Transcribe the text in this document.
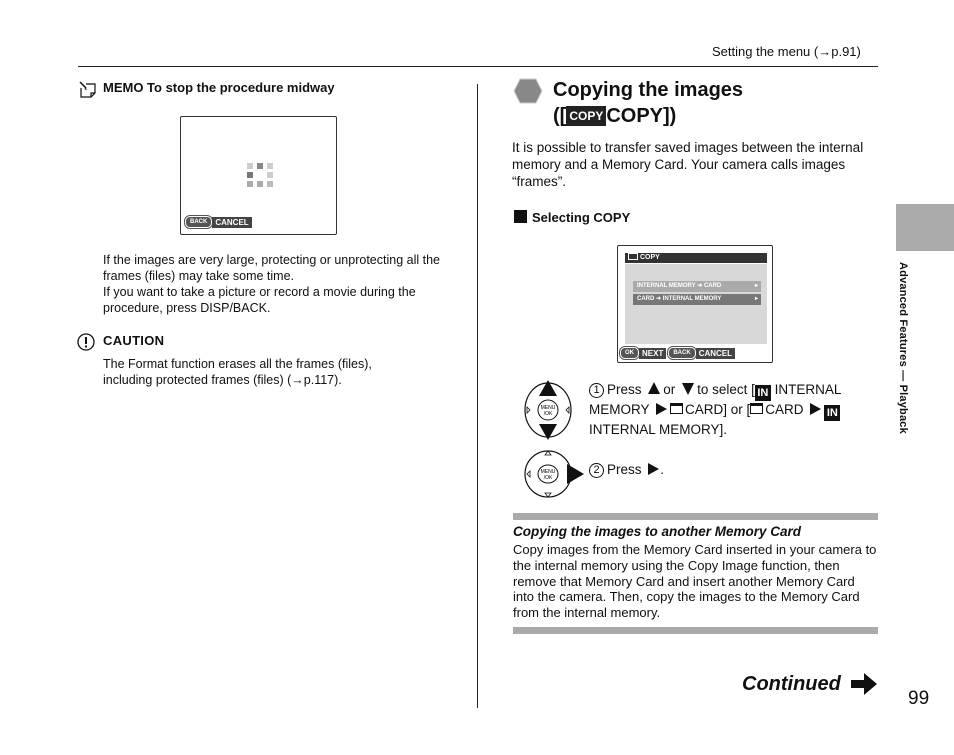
Setting the menu (→p.91)
MEMO To stop the procedure midway
BACK	CANCEL
If the images are very large, protecting or unprotecting all the frames (files) may take some time.
If you want to take a picture or record a movie during the procedure, press DISP/BACK.
CAUTION
The Format function erases all the frames (files), including protected frames (files) (→p.117).
Copying the images
([ COPY COPY])
It is possible to transfer saved images between the internal memory and a Memory Card. Your camera calls images “frames”.
Selecting COPY
COPY
INTERNAL MEMORY ➜ CARD	▸
CARD ➜ INTERNAL MEMORY	▸
OK	NEXT	BACK	CANCEL
MENU
/OK
MENU
/OK
1 Press or to select [ IN INTERNAL MEMORY	CARD] or [ CARD IN INTERNAL MEMORY].
2 Press .
Copying the images to another Memory Card
Copy images from the Memory Card inserted in your camera to the internal memory using the Copy Image function, then remove that Memory Card and insert another Memory Card into the camera. Then, copy the images to the Memory Card from the internal memory.
Continued
99
Advanced Features — Playback
